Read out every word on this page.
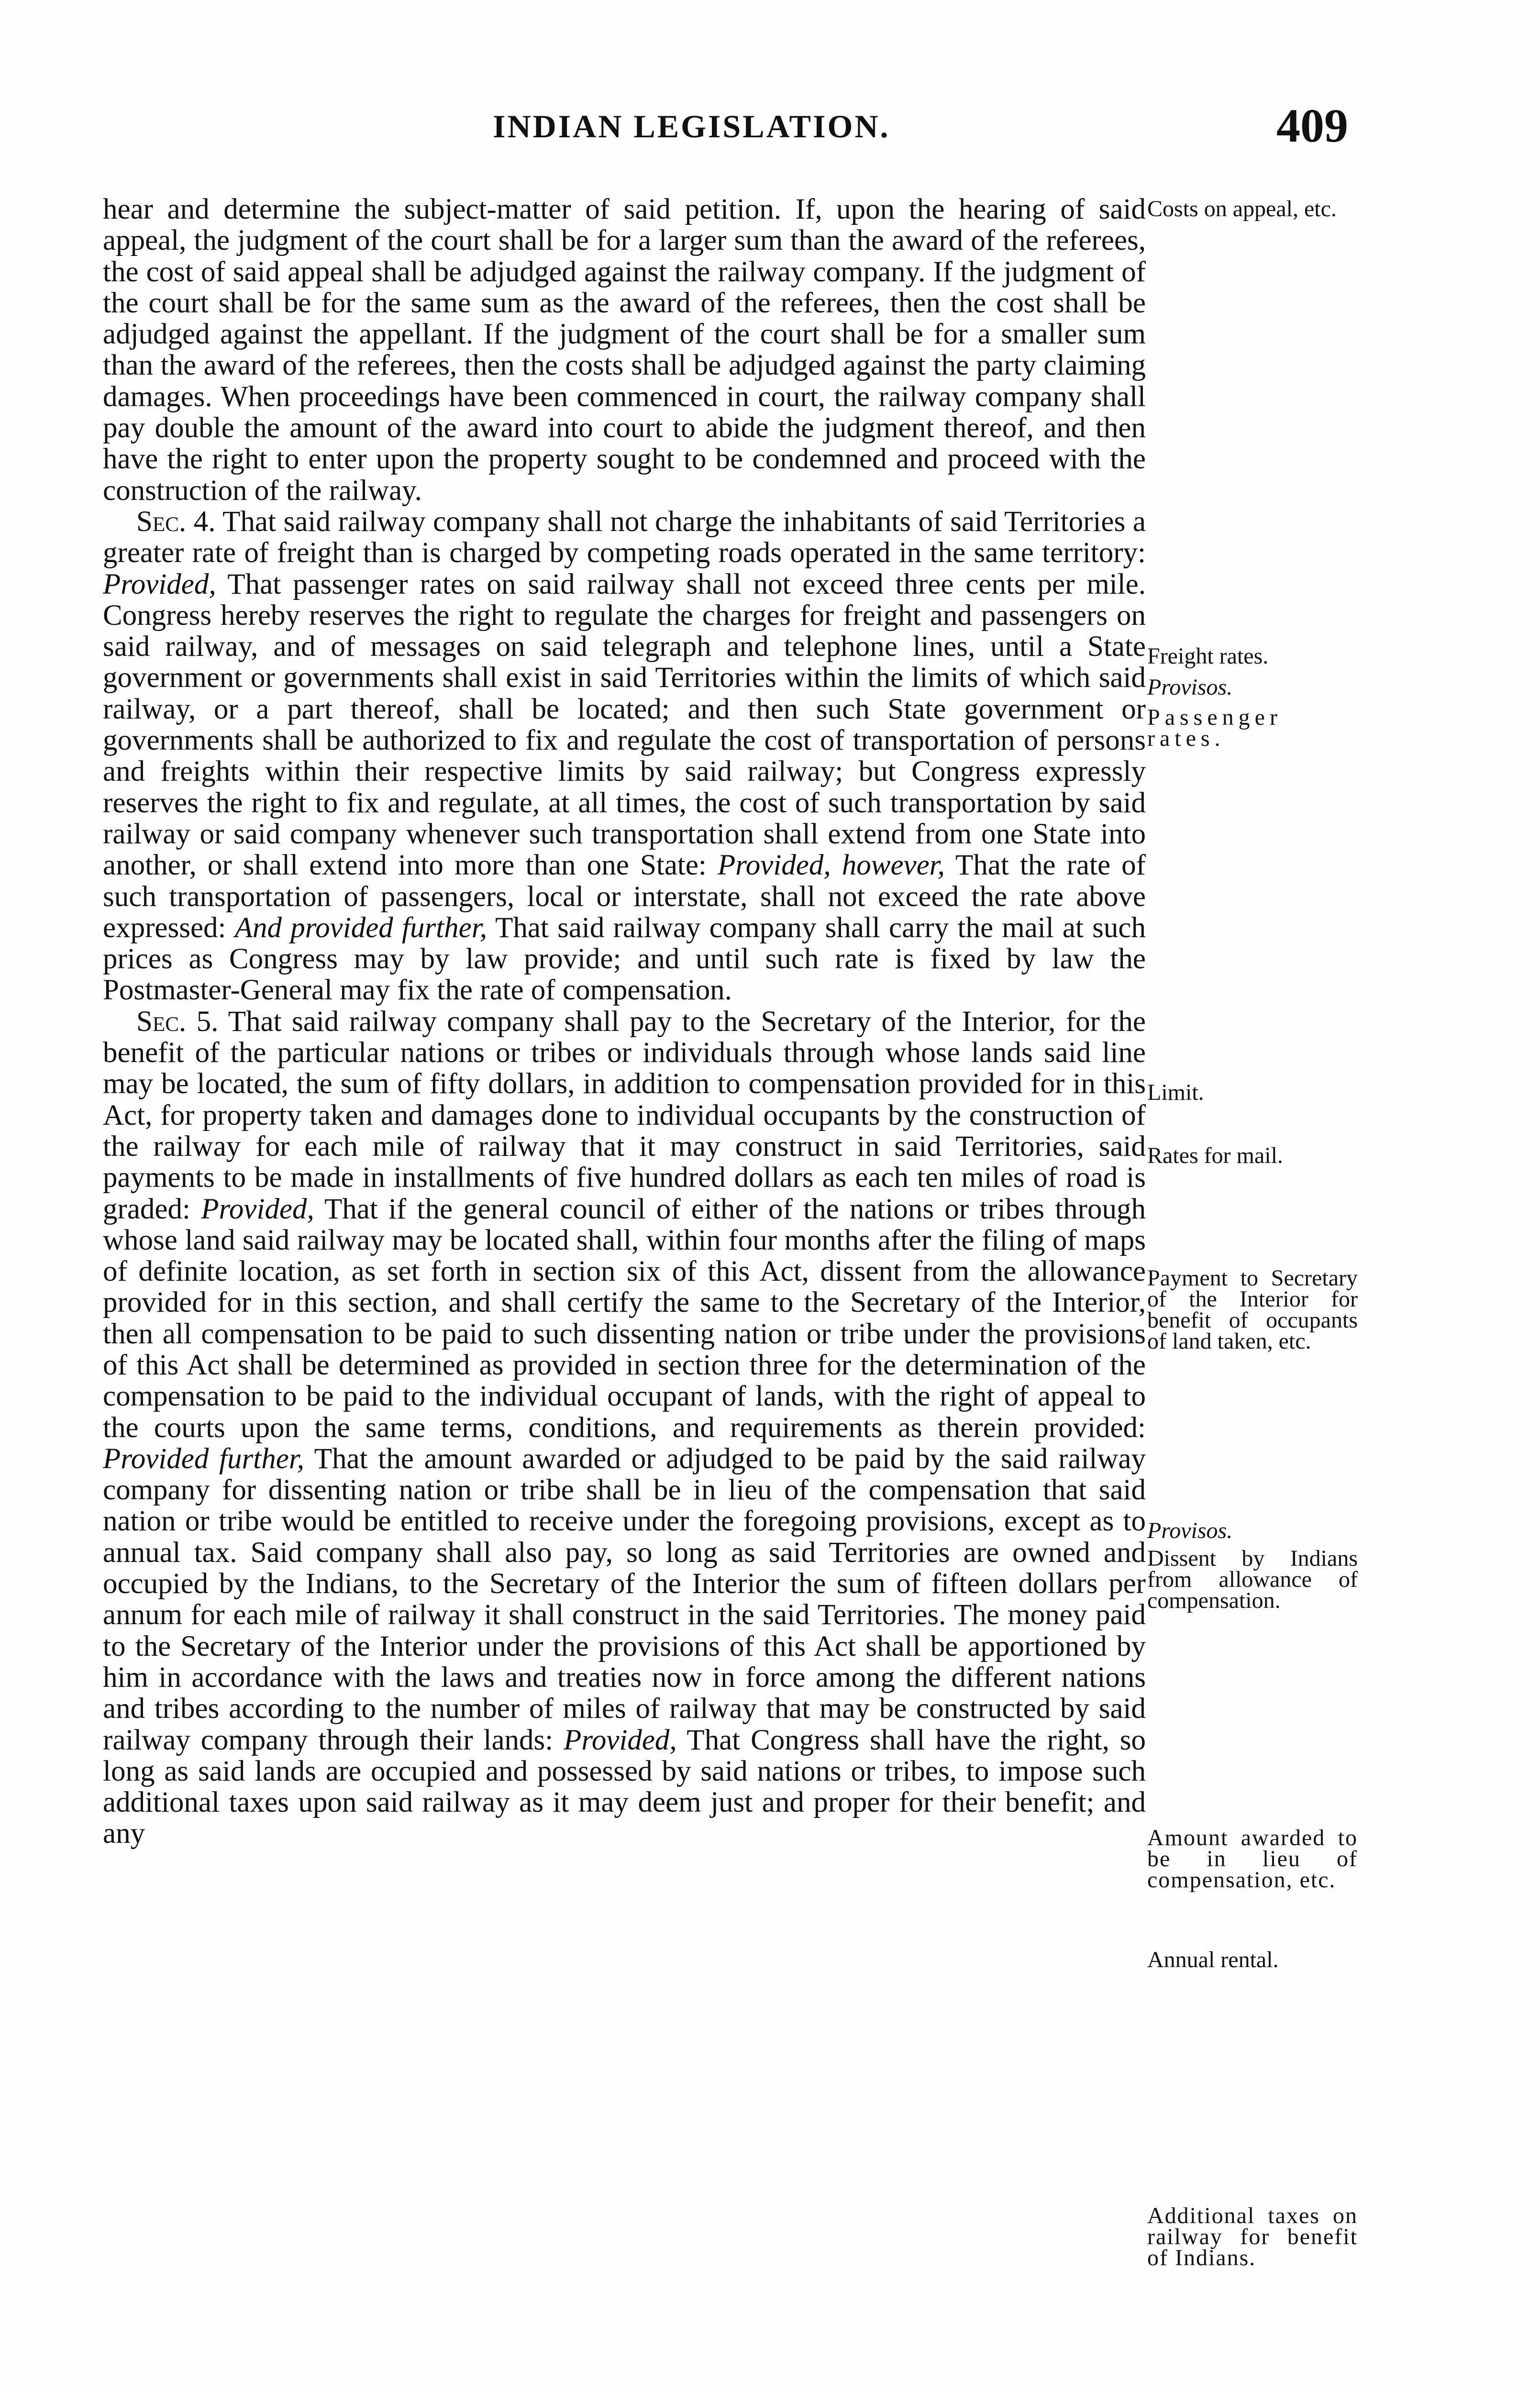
INDIAN LEGISLATION.	409

hear and determine the subject-matter of said petition. If, upon the hearing of said appeal, the judgment of the court shall be for a larger sum than the award of the referees, the cost of said appeal shall be adjudged against the railway company. If the judgment of the court shall be for the same sum as the award of the referees, then the cost shall be adjudged against the appellant. If the judgment of the court shall be for a smaller sum than the award of the referees, then the costs shall be adjudged against the party claiming damages. When proceedings have been commenced in court, the railway company shall pay double the amount of the award into court to abide the judgment thereof, and then have the right to enter upon the property sought to be condemned and proceed with the construction of the railway.

Sec. 4. That said railway company shall not charge the inhabitants of said Territories a greater rate of freight than is charged by competing roads operated in the same territory: Provided, That passenger rates on said railway shall not exceed three cents per mile. Congress hereby reserves the right to regulate the charges for freight and passengers on said railway, and of messages on said telegraph and telephone lines, until a State government or governments shall exist in said Territories within the limits of which said railway, or a part thereof, shall be located; and then such State government or governments shall be authorized to fix and regulate the cost of transportation of persons and freights within their respective limits by said railway; but Congress expressly reserves the right to fix and regulate, at all times, the cost of such transportation by said railway or said company whenever such transportation shall extend from one State into another, or shall extend into more than one State: Provided, however, That the rate of such transportation of passengers, local or interstate, shall not exceed the rate above expressed: And provided further, That said railway company shall carry the mail at such prices as Congress may by law provide; and until such rate is fixed by law the Postmaster-General may fix the rate of compensation.

Sec. 5. That said railway company shall pay to the Secretary of the Interior, for the benefit of the particular nations or tribes or individuals through whose lands said line may be located, the sum of fifty dollars, in addition to compensation provided for in this Act, for property taken and damages done to individual occupants by the construction of the railway for each mile of railway that it may construct in said Territories, said payments to be made in installments of five hundred dollars as each ten miles of road is graded: Provided, That if the general council of either of the nations or tribes through whose land said railway may be located shall, within four months after the filing of maps of definite location, as set forth in section six of this Act, dissent from the allowance provided for in this section, and shall certify the same to the Secretary of the Interior, then all compensation to be paid to such dissenting nation or tribe under the provisions of this Act shall be determined as provided in section three for the determination of the compensation to be paid to the individual occupant of lands, with the right of appeal to the courts upon the same terms, conditions, and requirements as therein provided: Provided further, That the amount awarded or adjudged to be paid by the said railway company for dissenting nation or tribe shall be in lieu of the compensation that said nation or tribe would be entitled to receive under the foregoing provisions, except as to annual tax. Said company shall also pay, so long as said Territories are owned and occupied by the Indians, to the Secretary of the Interior the sum of fifteen dollars per annum for each mile of railway it shall construct in the said Territories. The money paid to the Secretary of the Interior under the provisions of this Act shall be apportioned by him in accordance with the laws and treaties now in force among the different nations and tribes according to the number of miles of railway that may be constructed by said railway company through their lands: Provided, That Congress shall have the right, so long as said lands are occupied and possessed by said nations or tribes, to impose such additional taxes upon said railway as it may deem just and proper for their benefit; and any

Costs on appeal, etc.
Freight rates.
Provisos.
Passenger rates.
Limit.
Rates for mail.
Payment to Secretary of the Interior for benefit of occupants of land taken, etc.
Provisos.
Dissent by Indians from allowance of compensation.
Amount awarded to be in lieu of compensation, etc.
Annual rental.
Additional taxes on railway for benefit of Indians.
